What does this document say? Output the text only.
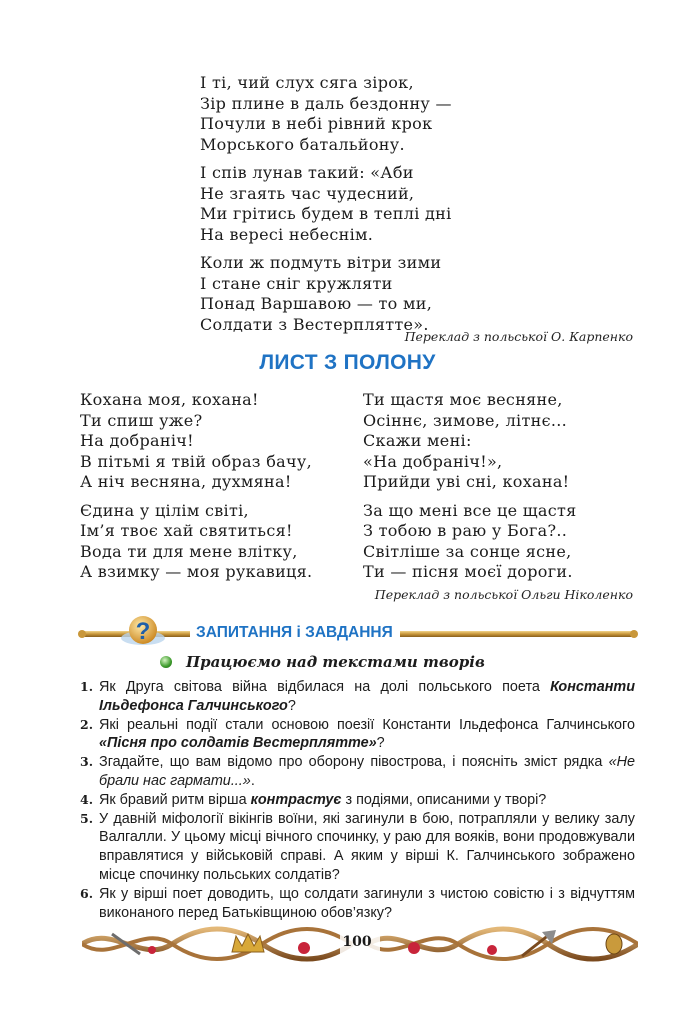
І ті, чий слух сяга зірок,

Зір плине в даль бездонну —

Почули в небі рівний крок

Морського батальйону.

І спів лунав такий: «Аби

Не згаять час чудесний,

Ми грітись будем в теплі дні

На вересі небеснім.

Коли ж подмуть вітри зими

І стане сніг кружляти

Понад Варшавою — то ми,

Солдати з Вестерплятте».

Переклад з польської О. Карпенко
ЛИСТ З ПОЛОНУ

Кохана моя, кохана!

Ти спиш уже?

На добраніч!

В пітьмі я твій образ бачу,

А ніч весняна, духмяна!

Єдина у цілім світі,

Ім’я твоє хай святиться!

Вода ти для мене влітку,

А взимку — моя рукавиця.

Ти щастя моє весняне,

Осіннє, зимове, літнє...

Скажи мені:

«На добраніч!»,

Прийди уві сні, кохана!

За що мені все це щастя

З тобою в раю у Бога?..

Світліше за сонце ясне,

Ти — пісня моєї дороги.

Переклад з польської Ольги Ніколенко
?	ЗАПИТАННЯ і ЗАВДАННЯ
Працюємо над текстами творів

1. Як Друга світова війна відбилася на долі польського поета Константи Ільдефонса Галчинського?

2. Які реальні події стали основою поезії Константи Ільдефонса Галчинського «Пісня про солдатів Вестерплятте»?

3. Згадайте, що вам відомо про оборону півострова, і поясніть зміст рядка «Не брали нас гармати...».

4. Як бравий ритм вірша контрастує з подіями, описаними у творі?

5. У давній міфології вікінгів воїни, які загинули в бою, потрапляли у велику залу Валгалли. У цьому місці вічного спочинку, у раю для вояків, вони продовжували вправлятися у військовій справі. А яким у вірші К. Галчинського зображено місце спочинку польських солдатів?

6. Як у вірші поет доводить, що солдати загинули з чистою совістю і з відчуттям виконаного перед Батьківщиною обов’язку?

100
